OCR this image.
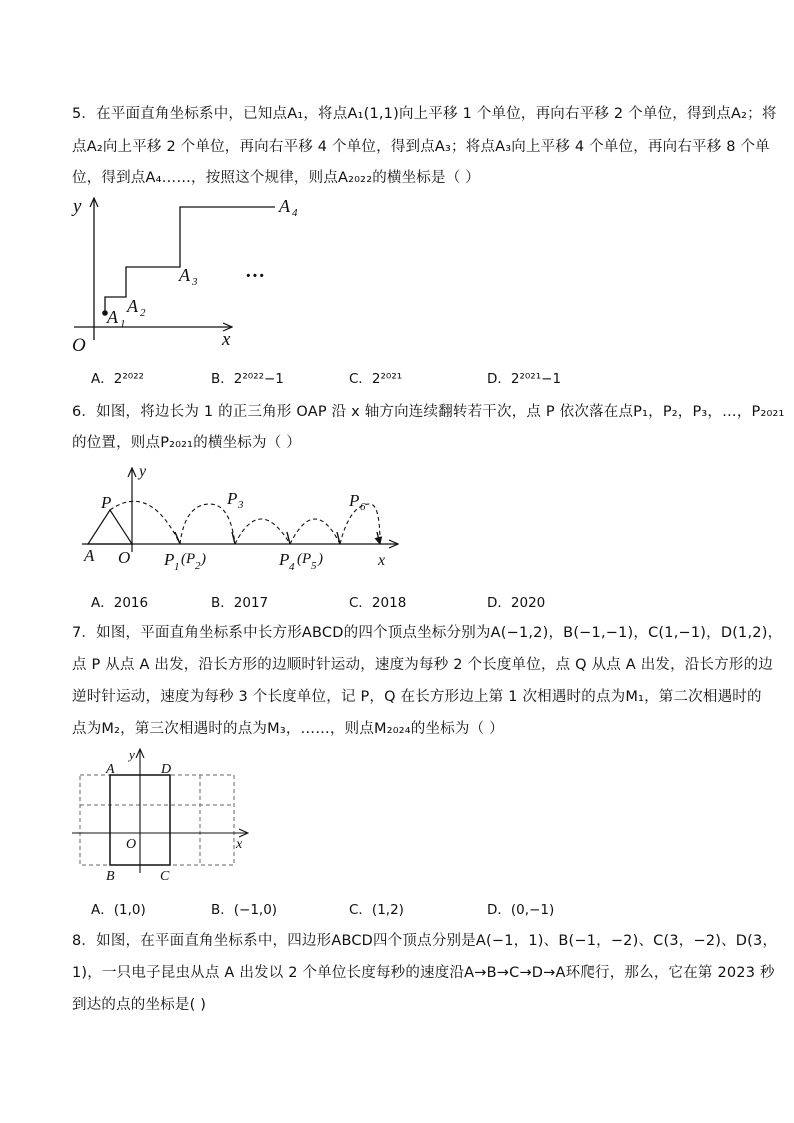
5．在平面直角坐标系中，已知点A₁，将点A₁(1,1)向上平移 1 个单位，再向右平移 2 个单位，得到点A₂；将
点A₂向上平移 2 个单位，再向右平移 4 个单位，得到点A₃；将点A₃向上平移 4 个单位，再向右平移 8 个单
位，得到点A₄……，按照这个规律，则点A₂₀₂₂的横坐标是（ ）
y
x
O
A 1
A 2
A 3
A 4
···
A．2²⁰²²	B．2²⁰²²−1	C．2²⁰²¹	D．2²⁰²¹−1
6．如图，将边长为 1 的正三角形 OAP 沿 x 轴方向连续翻转若干次，点 P 依次落在点P₁，P₂，P₃，…，P₂₀₂₁
的位置，则点P₂₀₂₁的横坐标为（ ）
y
x
O
A
P	P 3	P 6
P 1 (P 2 )	P 4 (P 5 )
A．2016	B．2017	C．2018	D．2020
7．如图，平面直角坐标系中长方形ABCD的四个顶点坐标分别为A(−1,2)，B(−1,−1)，C(1,−1)，D(1,2)，
点 P 从点 A 出发，沿长方形的边顺时针运动，速度为每秒 2 个长度单位，点 Q 从点 A 出发，沿长方形的边
逆时针运动，速度为每秒 3 个长度单位，记 P，Q 在长方形边上第 1 次相遇时的点为M₁，第二次相遇时的
点为M₂，第三次相遇时的点为M₃，……，则点M₂₀₂₄的坐标为（ ）
y
x
O
A	D
B	C
A．(1,0)	B．(−1,0)	C．(1,2)	D．(0,−1)
8．如图，在平面直角坐标系中，四边形ABCD四个顶点分别是A(−1，1)、B(−1，−2)、C(3，−2)、D(3，
1)，一只电子昆虫从点 A 出发以 2 个单位长度每秒的速度沿A→B→C→D→A环爬行，那么，它在第 2023 秒
到达的点的坐标是( )
